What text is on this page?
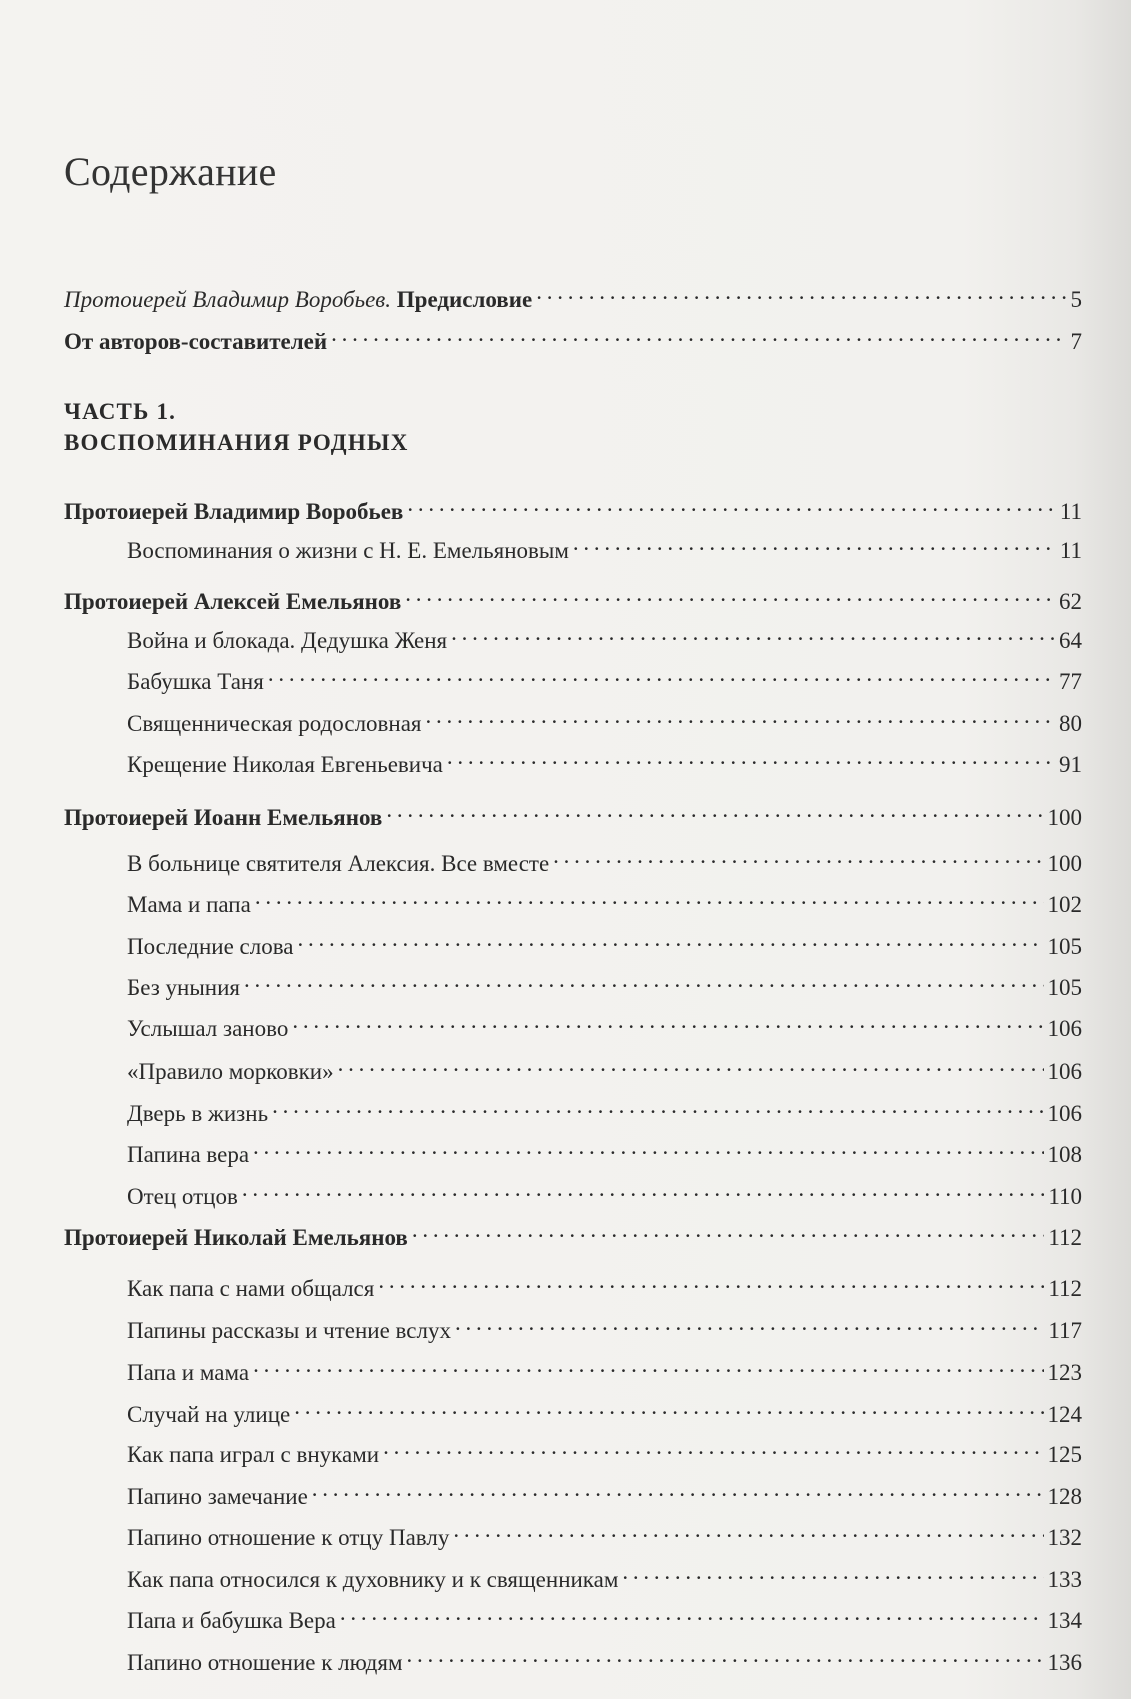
Содержание
Протоиерей Владимир Воробьев. Предисловие . . .	5
От авторов-составителей . . .	7
ЧАСТЬ 1.
ВОСПОМИНАНИЯ РОДНЫХ
Протоиерей Владимир Воробьев . . .	11
Воспоминания о жизни с Н. Е. Емельяновым . . .	11
Протоиерей Алексей Емельянов . . .	62
Война и блокада. Дедушка Женя . . .	64
Бабушка Таня . . .	77
Священническая родословная . . .	80
Крещение Николая Евгеньевича . . .	91
Протоиерей Иоанн Емельянов . . .	100
В больнице святителя Алексия. Все вместе . . .	100
Мама и папа . . .	102
Последние слова . . .	105
Без уныния . . .	105
Услышал заново . . .	106
«Правило морковки» . . .	106
Дверь в жизнь . . .	106
Папина вера . . .	108
Отец отцов . . .	110
Протоиерей Николай Емельянов . . .	112
Как папа с нами общался . . .	112
Папины рассказы и чтение вслух . . .	117
Папа и мама . . .	123
Случай на улице . . .	124
Как папа играл с внуками . . .	125
Папино замечание . . .	128
Папино отношение к отцу Павлу . . .	132
Как папа относился к духовнику и к священникам . . .	133
Папа и бабушка Вера . . .	134
Папино отношение к людям . . .	136
